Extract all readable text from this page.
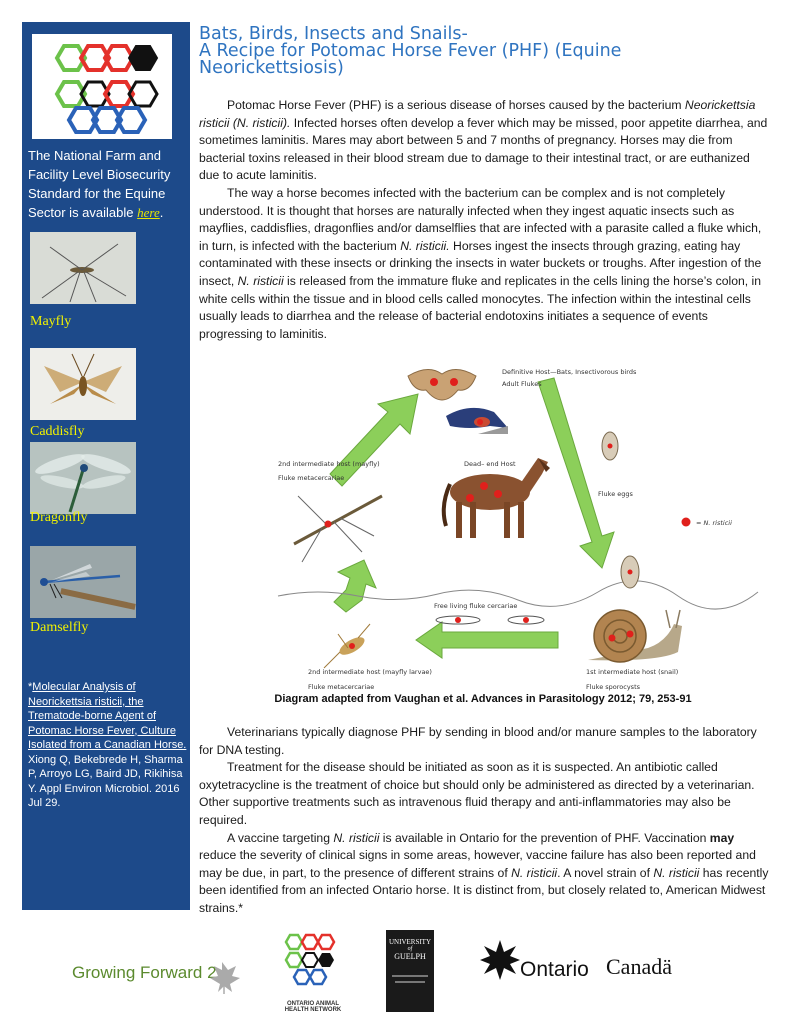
The National Farm and Facility Level Biosecurity Standard for the Equine Sector is available here.
Mayfly
Caddisfly
Dragonfly
Damselfly
*Molecular Analysis of Neorickettsia risticii, the Trematode-borne Agent of Potomac Horse Fever, Culture Isolated from a Canadian Horse. Xiong Q, Bekebrede H, Sharma P, Arroyo LG, Baird JD, Rikihisa Y. Appl Environ Microbiol. 2016 Jul 29.
Bats, Birds, Insects and Snails-
A Recipe for Potomac Horse Fever (PHF) (Equine
Neorickettsiosis)

Potomac Horse Fever (PHF) is a serious disease of horses caused by the bacterium Neorickettsia risticii (N. risticii). Infected horses often develop a fever which may be missed, poor appetite diarrhea, and sometimes laminitis. Mares may abort between 5 and 7 months of pregnancy. Horses may die from bacterial toxins released in their blood stream due to damage to their intestinal tract, or are euthanized due to acute laminitis.

The way a horse becomes infected with the bacterium can be complex and is not completely understood. It is thought that horses are naturally infected when they ingest aquatic insects such as mayflies, caddisflies, dragonflies and/or damselflies that are infected with a parasite called a fluke which, in turn, is infected with the bacterium N. risticii. Horses ingest the insects through grazing, eating hay contaminated with these insects or drinking the insects in water buckets or troughs. After ingestion of the insect, N. risticii is released from the immature fluke and replicates in the cells lining the horse’s colon, in white cells within the tissue and in blood cells called monocytes. The infection within the intestinal cells usually leads to diarrhea and the release of bacterial endotoxins initiates a sequence of events progressing to laminitis.

Definitive Host—Bats, Insectivorous birds
Adult Flukes
Fluke eggs
= N. risticii
2nd intermediate host (mayfly)
Fluke metacercariae
Dead– end Host
Free living fluke cercariae
1st intermediate host (snail)
Fluke sporocysts
2nd intermediate host (mayfly larvae)
Fluke metacercariae
Diagram adapted from Vaughan et al. Advances in Parasitology 2012; 79, 253-91

Veterinarians typically diagnose PHF by sending in blood and/or manure samples to the laboratory for DNA testing.

Treatment for the disease should be initiated as soon as it is suspected. An antibiotic called oxytetracycline is the treatment of choice but should only be administered as directed by a veterinarian. Other supportive treatments such as intravenous fluid therapy and anti-inflammatories may also be required.

A vaccine targeting N. risticii is available in Ontario for the prevention of PHF. Vaccination may reduce the severity of clinical signs in some areas, however, vaccine failure has also been reported and may be due, in part, to the presence of different strains of N. risticii. A novel strain of N. risticii has recently been identified from an infected Ontario horse. It is distinct from, but closely related to, American Midwest strains.*

Growing Forward 2
ONTARIO ANIMAL
HEALTH NETWORK
UNIVERSITY
of
GUELPH
Ontario Canadä
